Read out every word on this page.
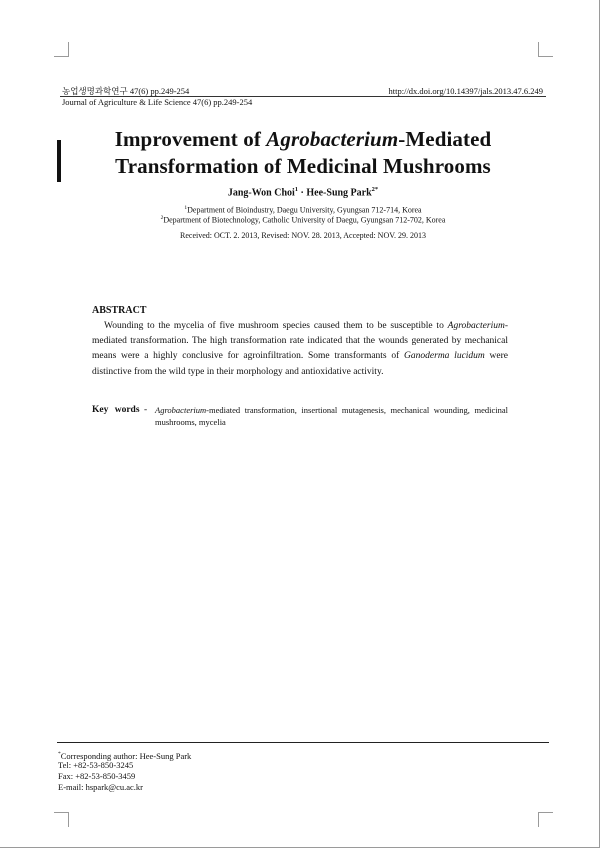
농업생명과학연구 47(6) pp.249-254	http://dx.doi.org/10.14397/jals.2013.47.6.249
Journal of Agriculture & Life Science 47(6) pp.249-254
Improvement of Agrobacterium-Mediated
Transformation of Medicinal Mushrooms
Jang-Won Choi$^1$ · Hee-Sung Park$^{2*}$
$^1$Department of Bioindustry, Daegu University, Gyungsan 712-714, Korea
$^2$Department of Biotechnology, Catholic University of Daegu, Gyungsan 712-702, Korea
Received: OCT. 2. 2013, Revised: NOV. 28. 2013, Accepted: NOV. 29. 2013
ABSTRACT
Wounding to the mycelia of five mushroom species caused them to be susceptible to Agrobacterium-mediated transformation. The high transformation rate indicated that the wounds generated by mechanical means were a highly conclusive for agroinfiltration. Some transformants of Ganoderma lucidum were distinctive from the wild type in their morphology and antioxidative activity.
Key words - Agrobacterium-mediated transformation, insertional mutagenesis, mechanical wounding, medicinal mushrooms, mycelia
*Corresponding author: Hee-Sung Park
Tel: +82-53-850-3245
Fax: +82-53-850-3459
E-mail: hspark@cu.ac.kr
